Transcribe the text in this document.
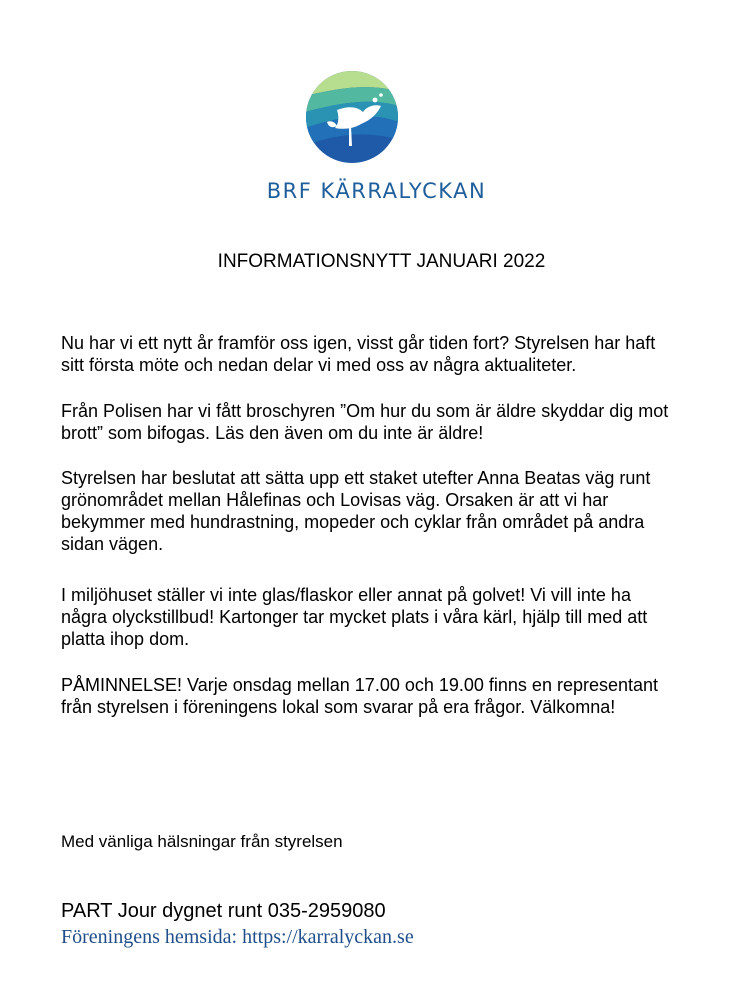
BRF KÄRRALYCKAN
INFORMATIONSNYTT JANUARI 2022

Nu har vi ett nytt år framför oss igen, visst går tiden fort? Styrelsen har haft sitt första möte och nedan delar vi med oss av några aktualiteter.

Från Polisen har vi fått broschyren ”Om hur du som är äldre skyddar dig mot brott” som bifogas. Läs den även om du inte är äldre!

Styrelsen har beslutat att sätta upp ett staket utefter Anna Beatas väg runt grönområdet mellan Hålefinas och Lovisas väg. Orsaken är att vi har bekymmer med hundrastning, mopeder och cyklar från området på andra sidan vägen.

I miljöhuset ställer vi inte glas/flaskor eller annat på golvet! Vi vill inte ha några olyckstillbud! Kartonger tar mycket plats i våra kärl, hjälp till med att platta ihop dom.

PÅMINNELSE! Varje onsdag mellan 17.00 och 19.00 finns en representant från styrelsen i föreningens lokal som svarar på era frågor. Välkomna!

Med vänliga hälsningar från styrelsen

PART Jour dygnet runt 035-2959080

Föreningens hemsida: https://karralyckan.se
